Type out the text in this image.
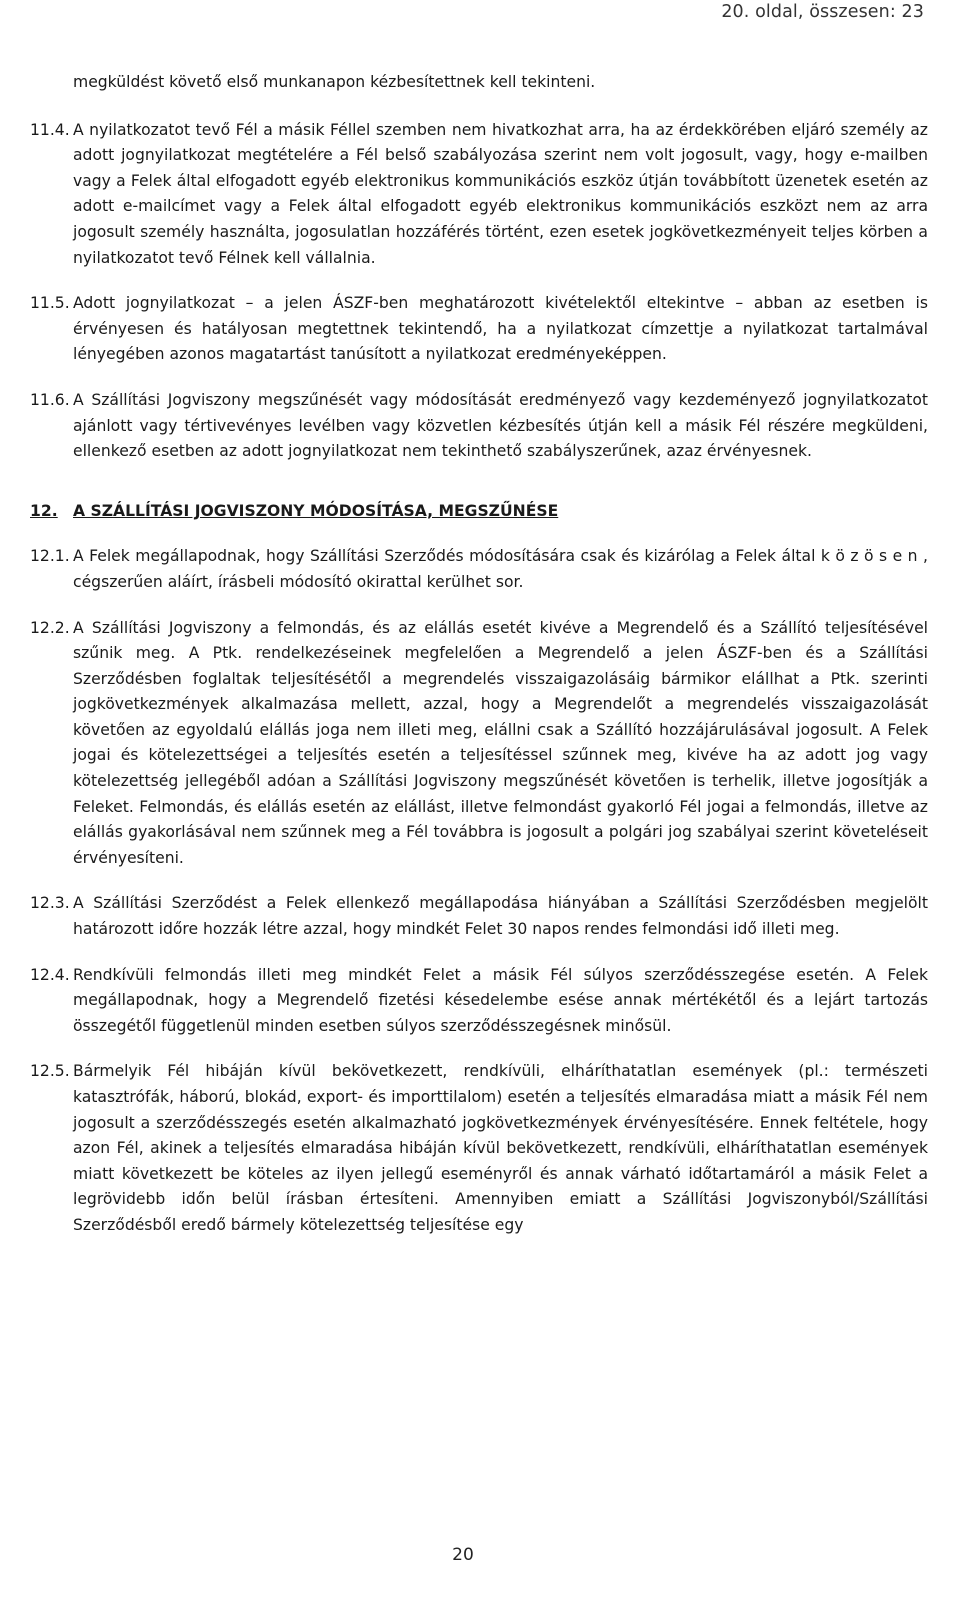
20. oldal, összesen: 23
megküldést követő első munkanapon kézbesítettnek kell tekinteni.
11.4. A nyilatkozatot tevő Fél a másik Féllel szemben nem hivatkozhat arra, ha az érdekkörében eljáró személy az adott jognyilatkozat megtételére a Fél belső szabályozása szerint nem volt jogosult, vagy, hogy e-mailben vagy a Felek által elfogadott egyéb elektronikus kommunikációs eszköz útján továbbított üzenetek esetén az adott e-mailcímet vagy a Felek által elfogadott egyéb elektronikus kommunikációs eszközt nem az arra jogosult személy használta, jogosulatlan hozzáférés történt, ezen esetek jogkövetkezményeit teljes körben a nyilatkozatot tevő Félnek kell vállalnia.
11.5. Adott jognyilatkozat – a jelen ÁSZF-ben meghatározott kivételektől eltekintve – abban az esetben is érvényesen és hatályosan megtettnek tekintendő, ha a nyilatkozat címzettje a nyilatkozat tartalmával lényegében azonos magatartást tanúsított a nyilatkozat eredményeképpen.
11.6. A Szállítási Jogviszony megszűnését vagy módosítását eredményező vagy kezdeményező jognyilatkozatot ajánlott vagy tértivevényes levélben vagy közvetlen kézbesítés útján kell a másik Fél részére megküldeni, ellenkező esetben az adott jognyilatkozat nem tekinthető szabályszerűnek, azaz érvényesnek.
12. A SZÁLLÍTÁSI JOGVISZONY MÓDOSÍTÁSA, MEGSZŰNÉSE
12.1. A Felek megállapodnak, hogy Szállítási Szerződés módosítására csak és kizárólag a Felek által k ö z ö s e n , cégszerűen aláírt, írásbeli módosító okirattal kerülhet sor.
12.2. A Szállítási Jogviszony a felmondás, és az elállás esetét kivéve a Megrendelő és a Szállító teljesítésével szűnik meg. A Ptk. rendelkezéseinek megfelelően a Megrendelő a jelen ÁSZF-ben és a Szállítási Szerződésben foglaltak teljesítésétől a megrendelés visszaigazolásáig bármikor elállhat a Ptk. szerinti jogkövetkezmények alkalmazása mellett, azzal, hogy a Megrendelőt a megrendelés visszaigazolását követően az egyoldalú elállás joga nem illeti meg, elállni csak a Szállító hozzájárulásával jogosult. A Felek jogai és kötelezettségei a teljesítés esetén a teljesítéssel szűnnek meg, kivéve ha az adott jog vagy kötelezettség jellegéből adóan a Szállítási Jogviszony megszűnését követően is terhelik, illetve jogosítják a Feleket. Felmondás, és elállás esetén az elállást, illetve felmondást gyakorló Fél jogai a felmondás, illetve az elállás gyakorlásával nem szűnnek meg a Fél továbbra is jogosult a polgári jog szabályai szerint követeléseit érvényesíteni.
12.3. A Szállítási Szerződést a Felek ellenkező megállapodása hiányában a Szállítási Szerződésben megjelölt határozott időre hozzák létre azzal, hogy mindkét Felet 30 napos rendes felmondási idő illeti meg.
12.4. Rendkívüli felmondás illeti meg mindkét Felet a másik Fél súlyos szerződésszegése esetén. A Felek megállapodnak, hogy a Megrendelő fizetési késedelembe esése annak mértékétől és a lejárt tartozás összegétől függetlenül minden esetben súlyos szerződésszegésnek minősül.
12.5. Bármelyik Fél hibáján kívül bekövetkezett, rendkívüli, elháríthatatlan események (pl.: természeti katasztrófák, háború, blokád, export- és importtilalom) esetén a teljesítés elmaradása miatt a másik Fél nem jogosult a szerződésszegés esetén alkalmazható jogkövetkezmények érvényesítésére. Ennek feltétele, hogy azon Fél, akinek a teljesítés elmaradása hibáján kívül bekövetkezett, rendkívüli, elháríthatatlan események miatt következett be köteles az ilyen jellegű eseményről és annak várható időtartamáról a másik Felet a legrövidebb időn belül írásban értesíteni. Amennyiben emiatt a Szállítási Jogviszonyból/Szállítási Szerződésből eredő bármely kötelezettség teljesítése egy
20
